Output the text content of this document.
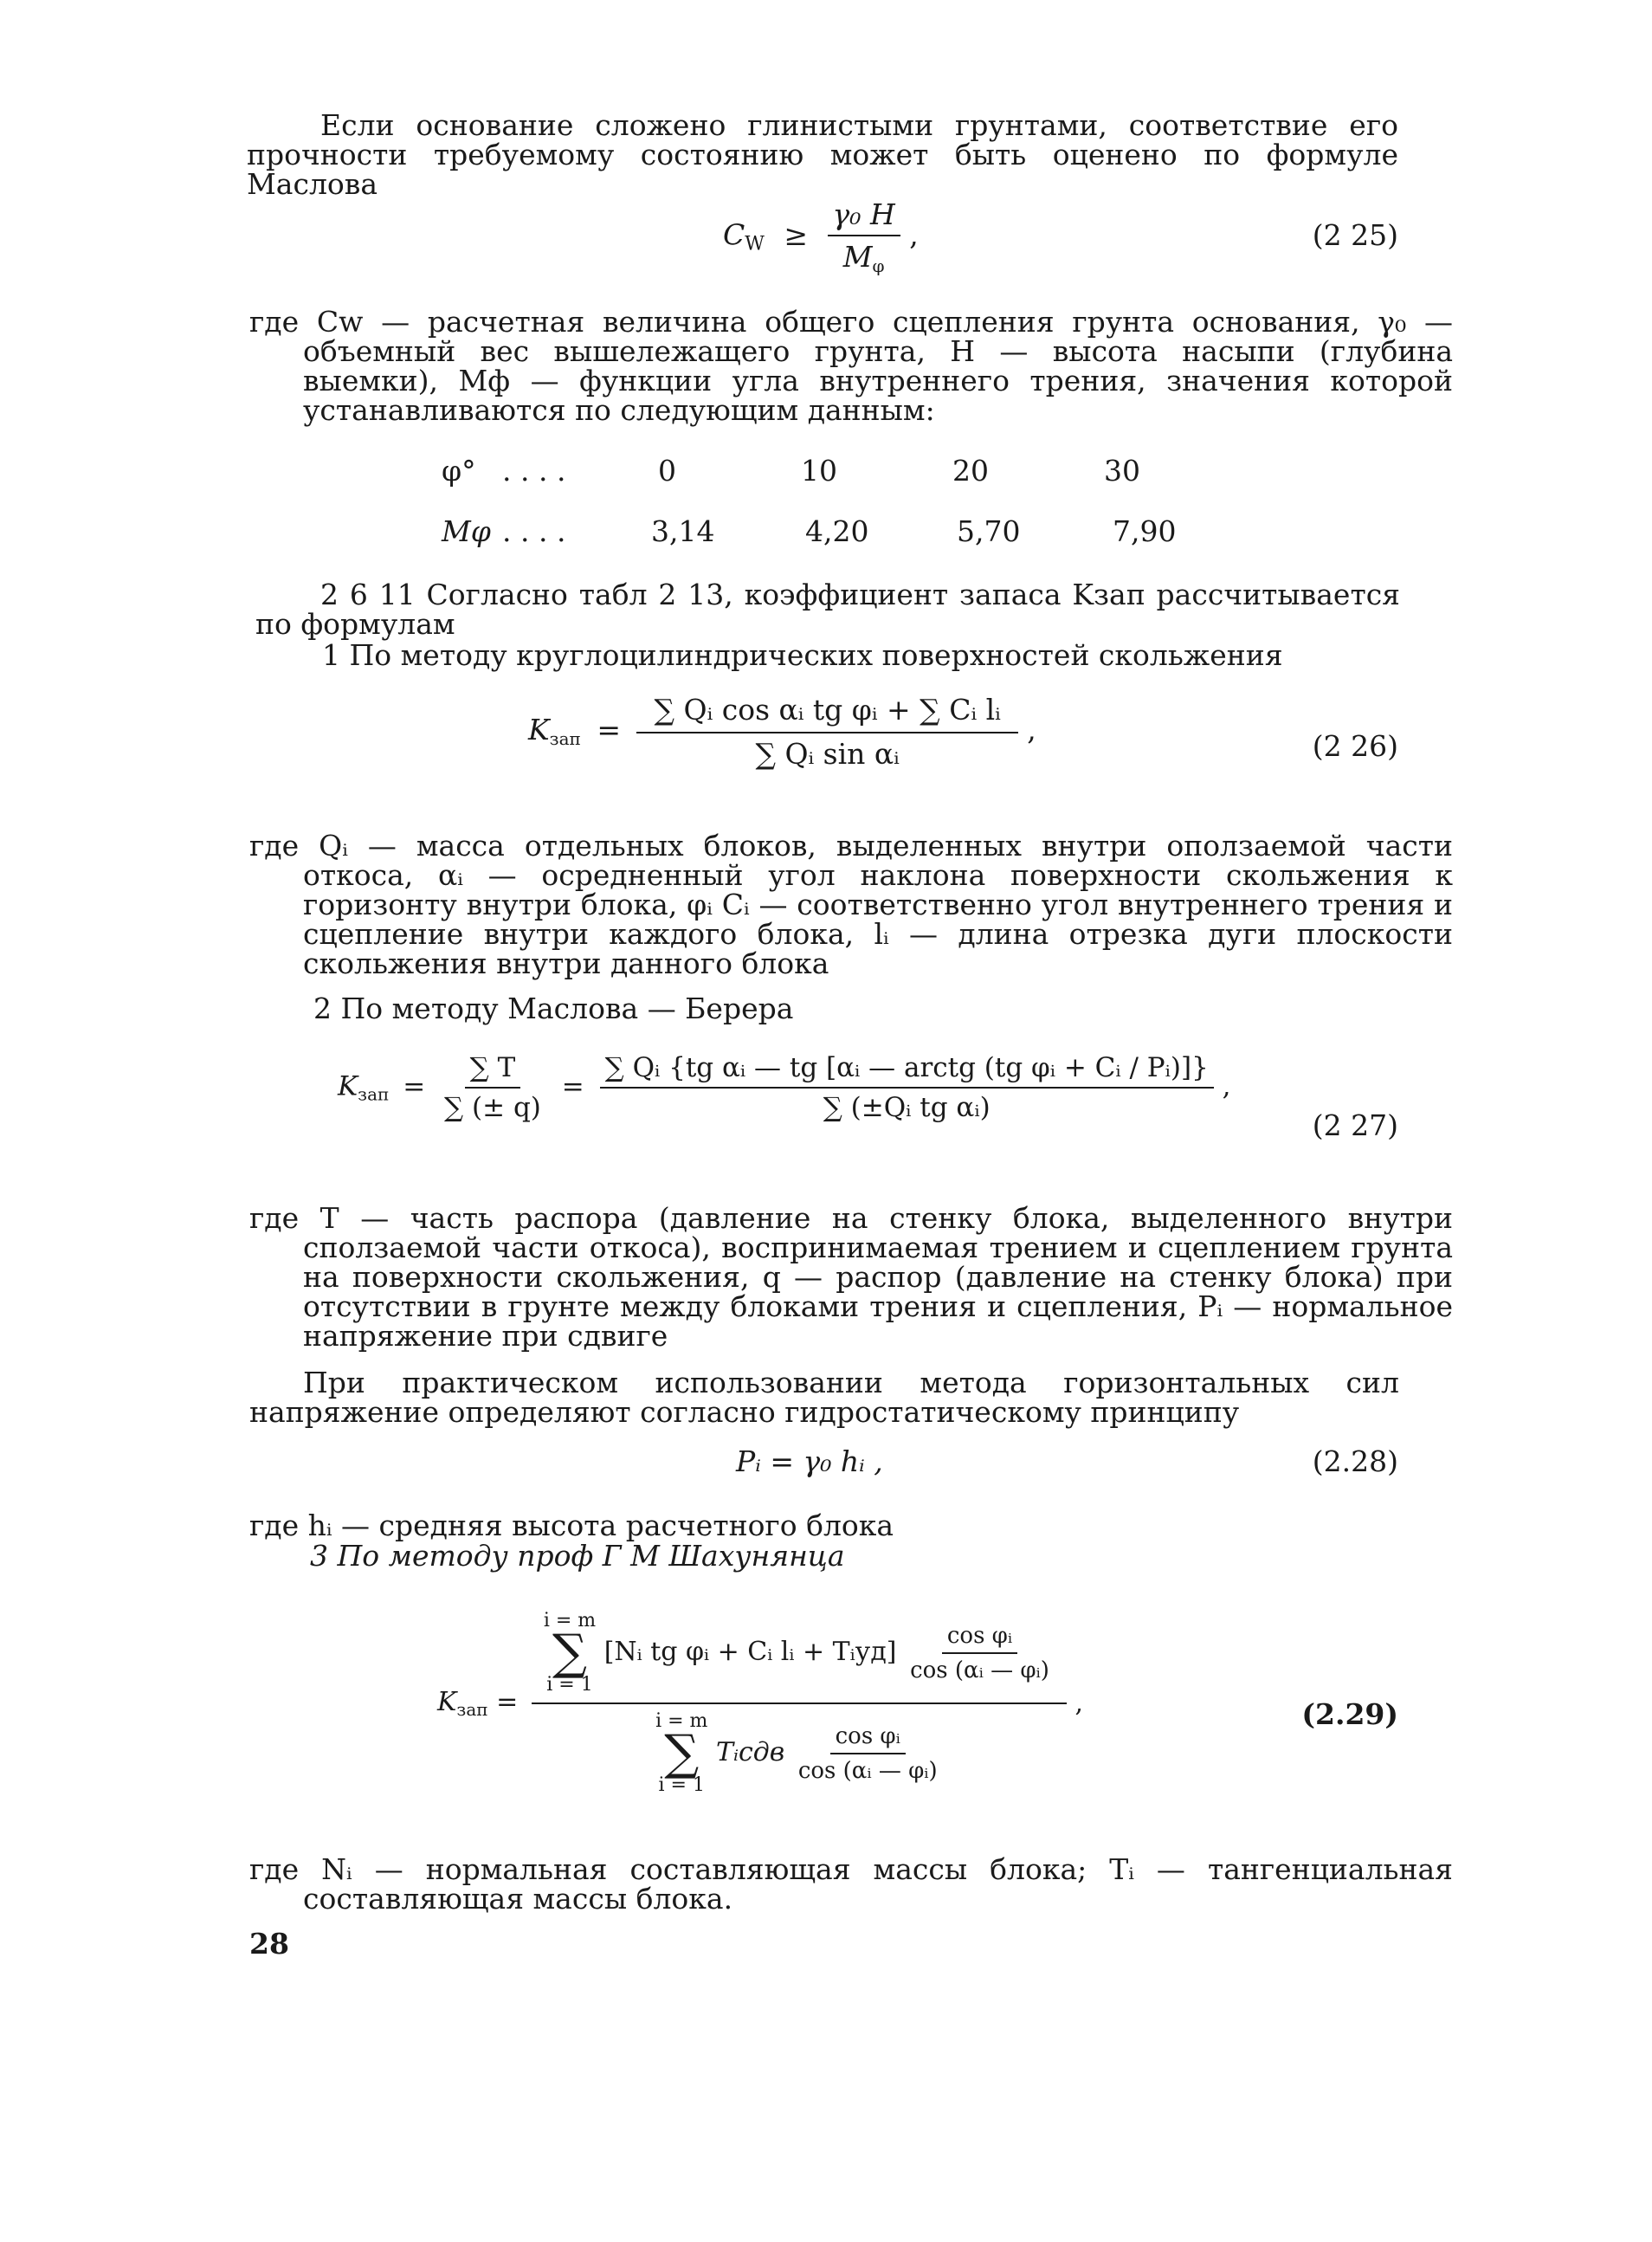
Если основание сложено глинистыми грунтами, соответствие его прочности требуемому состоянию может быть оценено по формуле Маслова
CW ≥ $\frac{\text{γ₀ H}}{M\varphi}$ ,	(2 25)
где Cw — расчетная величина общего сцепления грунта основания, γ₀ — объемный вес вышележащего грунта, H — высота насыпи (глубина выемки), Mф — функции угла внутреннего трения, значения которой устанавливаются по следующим данным:
φ° . . . .	0	10	20	30
Mφ . . . .	3,14	4,20	5,70	7,90
2 6 11 Согласно табл 2 13, коэффициент запаса Kзап рассчитывается по формулам
1 По методу круглоцилиндрических поверхностей скольжения
Kзап = $\frac{\text{∑ Qᵢ cos αᵢ tg φᵢ + ∑ Cᵢ lᵢ}}{\text{∑ Qᵢ sin αᵢ}}$ ,	(2 26)
где Qᵢ — масса отдельных блоков, выделенных внутри оползаемой части откоса, αᵢ — осредненный угол наклона поверхности скольжения к горизонту внутри блока, φᵢ Cᵢ — соответственно угол внутреннего трения и сцепление внутри каждого блока, lᵢ — длина отрезка дуги плоскости скольжения внутри данного блока
2 По методу Маслова — Берера
Kзап = $\frac{\sum T}{\sum (\pm q)} = \frac{\text{∑ Qᵢ \{tg αᵢ — tg [αᵢ — arctg (tg φᵢ + Cᵢ / Pᵢ)]\}}}{\text{∑ (±Qᵢ tg αᵢ)}}$ ,
(2 27)
где T — часть распора (давление на стенку блока, выделенного внутри сползаемой части откоса), воспринимаемая трением и сцеплением грунта на поверхности скольжения, q — распор (давление на стенку блока) при отсутствии в грунте между блоками трения и сцепления, Pᵢ — нормальное напряжение при сдвиге
При практическом использовании метода горизонтальных сил напряжение определяют согласно гидростатическому принципу
Pᵢ = γ₀ hᵢ ,	(2.28)
где hᵢ — средняя высота расчетного блока
3 По методу проф Г М Шахунянца
$K_{зап}$ =
i = m
∑
i = 1
[Nᵢ tg φᵢ + Cᵢ lᵢ + Tᵢуд] $\frac{\text{cos φᵢ}}{\text{cos (αᵢ — φᵢ)}}$
i = m
∑
i = 1
Tᵢсдв $\frac{\text{cos φᵢ}}{\text{cos (αᵢ — φᵢ)}}$
,	(2.29)
где Nᵢ — нормальная составляющая массы блока; Tᵢ — тангенциальная составляющая массы блока.
28
